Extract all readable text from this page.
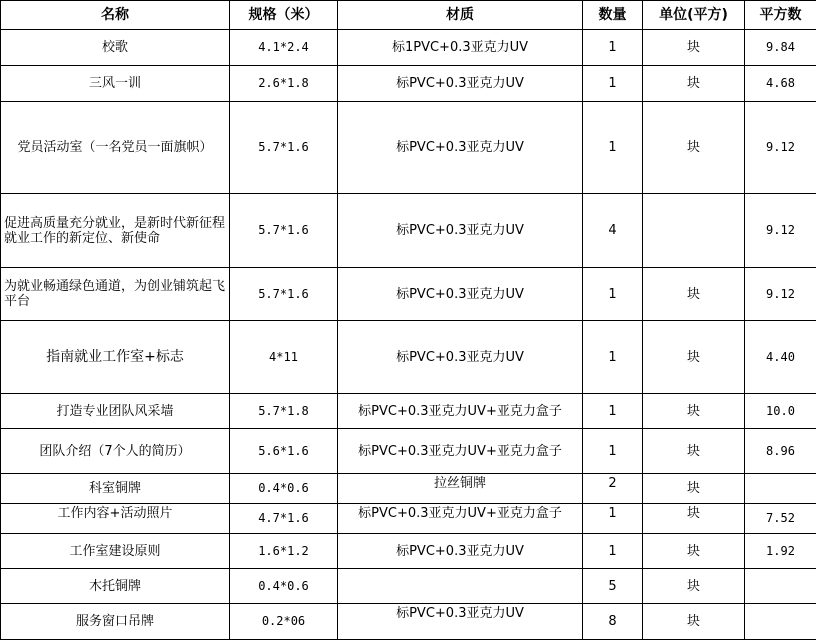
名称	规格（米）	材质	数量	单位(平方)	平方数
校歌	4.1*2.4	标1PVC+0.3亚克力UV	1	块	9.84
三风一训	2.6*1.8	标PVC+0.3亚克力UV	1	块	4.68
党员活动室（一名党员一面旗帜）	5.7*1.6	标PVC+0.3亚克力UV	1	块	9.12
促进高质量充分就业，是新时代新征程就业工作的新定位、新使命	5.7*1.6	标PVC+0.3亚克力UV	4		9.12
为就业畅通绿色通道，为创业铺筑起飞平台	5.7*1.6	标PVC+0.3亚克力UV	1	块	9.12
指南就业工作室+标志	4*11	标PVC+0.3亚克力UV	1	块	4.40
打造专业团队风采墙	5.7*1.8	标PVC+0.3亚克力UV+亚克力盒子	1	块	10.0
团队介绍（7个人的简历）	5.6*1.6	标PVC+0.3亚克力UV+亚克力盒子	1	块	8.96
科室铜牌	0.4*0.6	拉丝铜牌	2	块	
工作内容+活动照片	4.7*1.6	标PVC+0.3亚克力UV+亚克力盒子	1	块	7.52
工作室建设原则	1.6*1.2	标PVC+0.3亚克力UV	1	块	1.92
木托铜牌	0.4*0.6		5	块	
服务窗口吊牌	0.2*06	标PVC+0.3亚克力UV	8	块	
